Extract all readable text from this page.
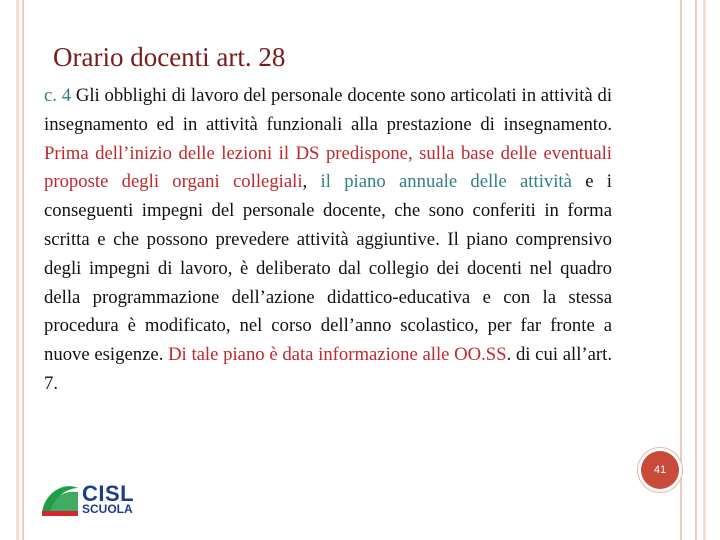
Orario docenti art. 28

c. 4 Gli obblighi di lavoro del personale docente sono articolati in attività di insegnamento ed in attività funzionali alla prestazione di insegnamento. Prima dell’inizio delle lezioni il DS predispone, sulla base delle eventuali proposte degli organi collegiali, il piano annuale delle attività e i conseguenti impegni del personale docente, che sono conferiti in forma scritta e che possono prevedere attività aggiuntive. Il piano comprensivo degli impegni di lavoro, è deliberato dal collegio dei docenti nel quadro della programmazione dell’azione didattico-educativa e con la stessa procedura è modificato, nel corso dell’anno scolastico, per far fronte a nuove esigenze. Di tale piano è data informazione alle OO.SS. di cui all’art. 7.

41
CISL
SCUOLA
